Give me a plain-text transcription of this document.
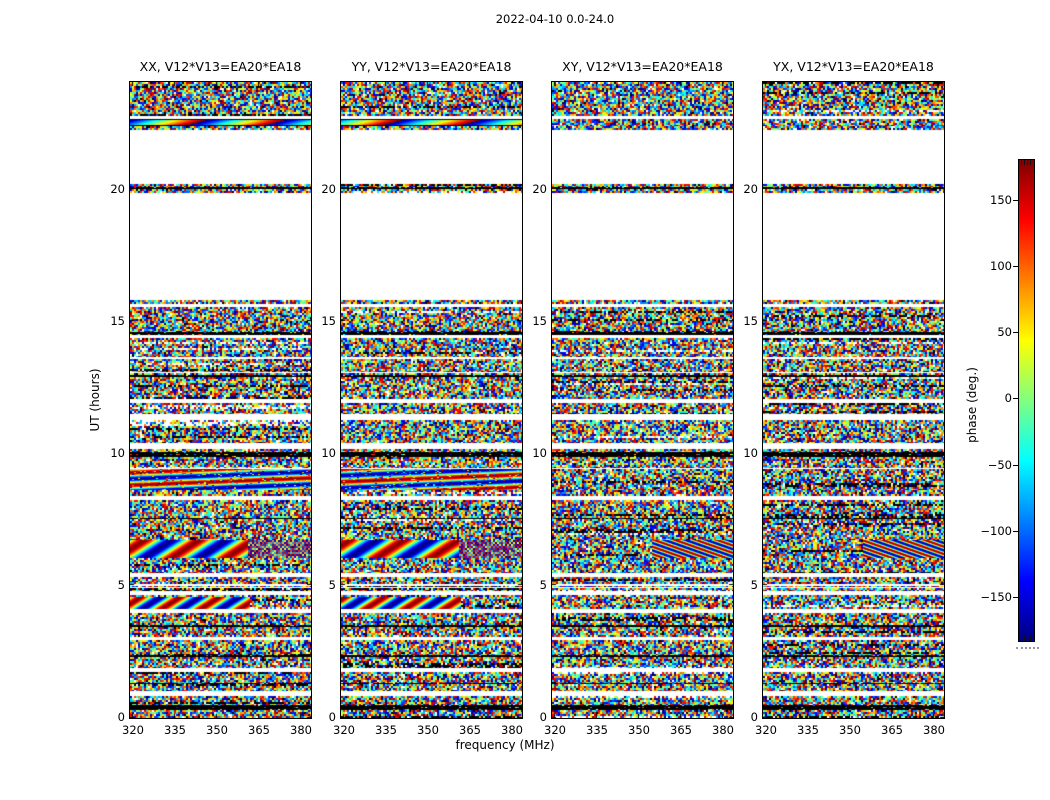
2022-04-10 0.0-24.0
UT (hours)
frequency (MHz)
XX, V12*V13=EA20*EA18
0
5
10
15
20
320	335	350	365	380
YY, V12*V13=EA20*EA18
0
5
10
15
20
320	335	350	365	380
XY, V12*V13=EA20*EA18
0
5
10
15
20
320	335	350	365	380
YX, V12*V13=EA20*EA18
0
5
10
15
20
320	335	350	365	380
150
100
50
0
−50
−100
−150
phase (deg.)
